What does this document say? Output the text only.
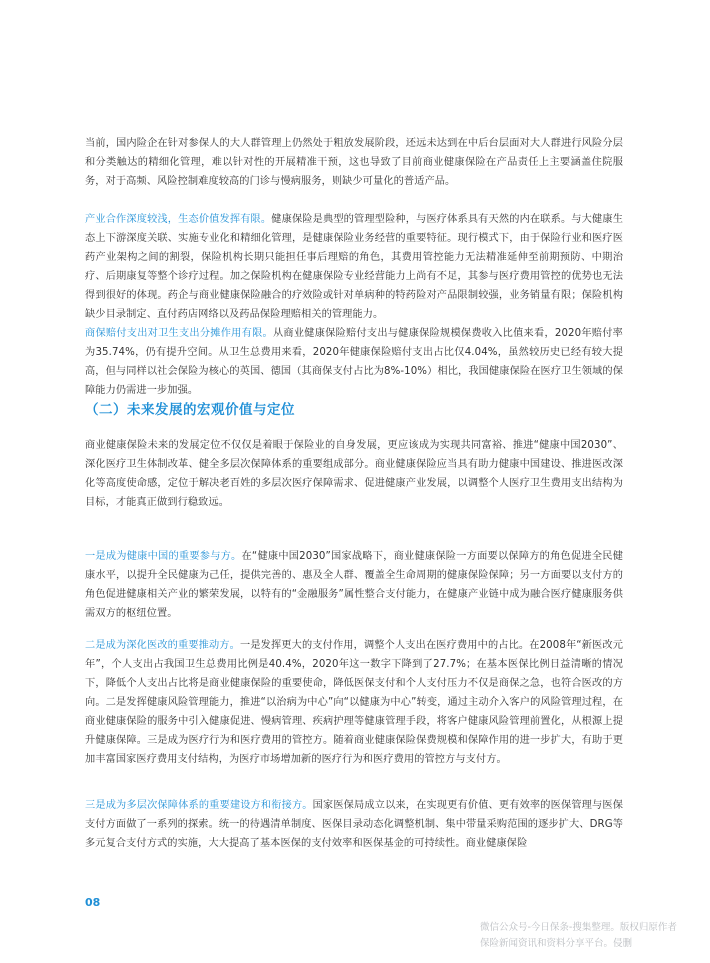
当前，国内险企在针对参保人的大人群管理上仍然处于粗放发展阶段，还远未达到在中后台层面对大人群进行风险分层和分类触达的精细化管理，难以针对性的开展精准干预，这也导致了目前商业健康保险在产品责任上主要涵盖住院服务，对于高频、风险控制难度较高的门诊与慢病服务，则缺少可量化的普适产品。

产业合作深度较浅，生态价值发挥有限。健康保险是典型的管理型险种，与医疗体系具有天然的内在联系。与大健康生态上下游深度关联、实施专业化和精细化管理，是健康保险业务经营的重要特征。现行模式下，由于保险行业和医疗医药产业架构之间的割裂，保险机构长期只能担任事后理赔的角色，其费用管控能力无法精准延伸至前期预防、中期治疗、后期康复等整个诊疗过程。加之保险机构在健康保险专业经营能力上尚有不足，其参与医疗费用管控的优势也无法得到很好的体现。药企与商业健康保险融合的疗效险或针对单病种的特药险对产品限制较强，业务销量有限；保险机构缺少目录制定、直付药店网络以及药品保险理赔相关的管理能力。

商保赔付支出对卫生支出分摊作用有限。从商业健康保险赔付支出与健康保险规模保费收入比值来看，2020年赔付率为35.74%，仍有提升空间。从卫生总费用来看，2020年健康保险赔付支出占比仅4.04%，虽然较历史已经有较大提高，但与同样以社会保险为核心的英国、德国（其商保支付占比为8%-10%）相比，我国健康保险在医疗卫生领域的保障能力仍需进一步加强。

（二）未来发展的宏观价值与定位

商业健康保险未来的发展定位不仅仅是着眼于保险业的自身发展，更应该成为实现共同富裕、推进“健康中国2030”、深化医疗卫生体制改革、健全多层次保障体系的重要组成部分。商业健康保险应当具有助力健康中国建设、推进医改深化等高度使命感，定位于解决老百姓的多层次医疗保障需求、促进健康产业发展，以调整个人医疗卫生费用支出结构为目标，才能真正做到行稳致远。

一是成为健康中国的重要参与方。在“健康中国2030”国家战略下，商业健康保险一方面要以保障方的角色促进全民健康水平，以提升全民健康为己任，提供完善的、惠及全人群、覆盖全生命周期的健康保险保障；另一方面要以支付方的角色促进健康相关产业的繁荣发展，以特有的“金融服务”属性整合支付能力，在健康产业链中成为融合医疗健康服务供需双方的枢纽位置。

二是成为深化医改的重要推动方。一是发挥更大的支付作用，调整个人支出在医疗费用中的占比。在2008年“新医改元年”，个人支出占我国卫生总费用比例是40.4%，2020年这一数字下降到了27.7%；在基本医保比例日益清晰的情况下，降低个人支出占比将是商业健康保险的重要使命，降低医保支付和个人支付压力不仅是商保之急，也符合医改的方向。二是发挥健康风险管理能力，推进“以治病为中心”向“以健康为中心”转变，通过主动介入客户的风险管理过程，在商业健康保险的服务中引入健康促进、慢病管理、疾病护理等健康管理手段，将客户健康风险管理前置化，从根源上提升健康保障。三是成为医疗行为和医疗费用的管控方。随着商业健康保险保费规模和保障作用的进一步扩大，有助于更加丰富国家医疗费用支付结构，为医疗市场增加新的医疗行为和医疗费用的管控方与支付方。

三是成为多层次保障体系的重要建设方和衔接方。国家医保局成立以来，在实现更有价值、更有效率的医保管理与医保支付方面做了一系列的探索。统一的待遇清单制度、医保目录动态化调整机制、集中带量采购范围的逐步扩大、DRG等多元复合支付方式的实施，大大提高了基本医保的支付效率和医保基金的可持续性。商业健康保险

08
微信公众号-今日保条-搜集整理。版权归原作者
保险新闻资讯和资料分享平台。侵删
